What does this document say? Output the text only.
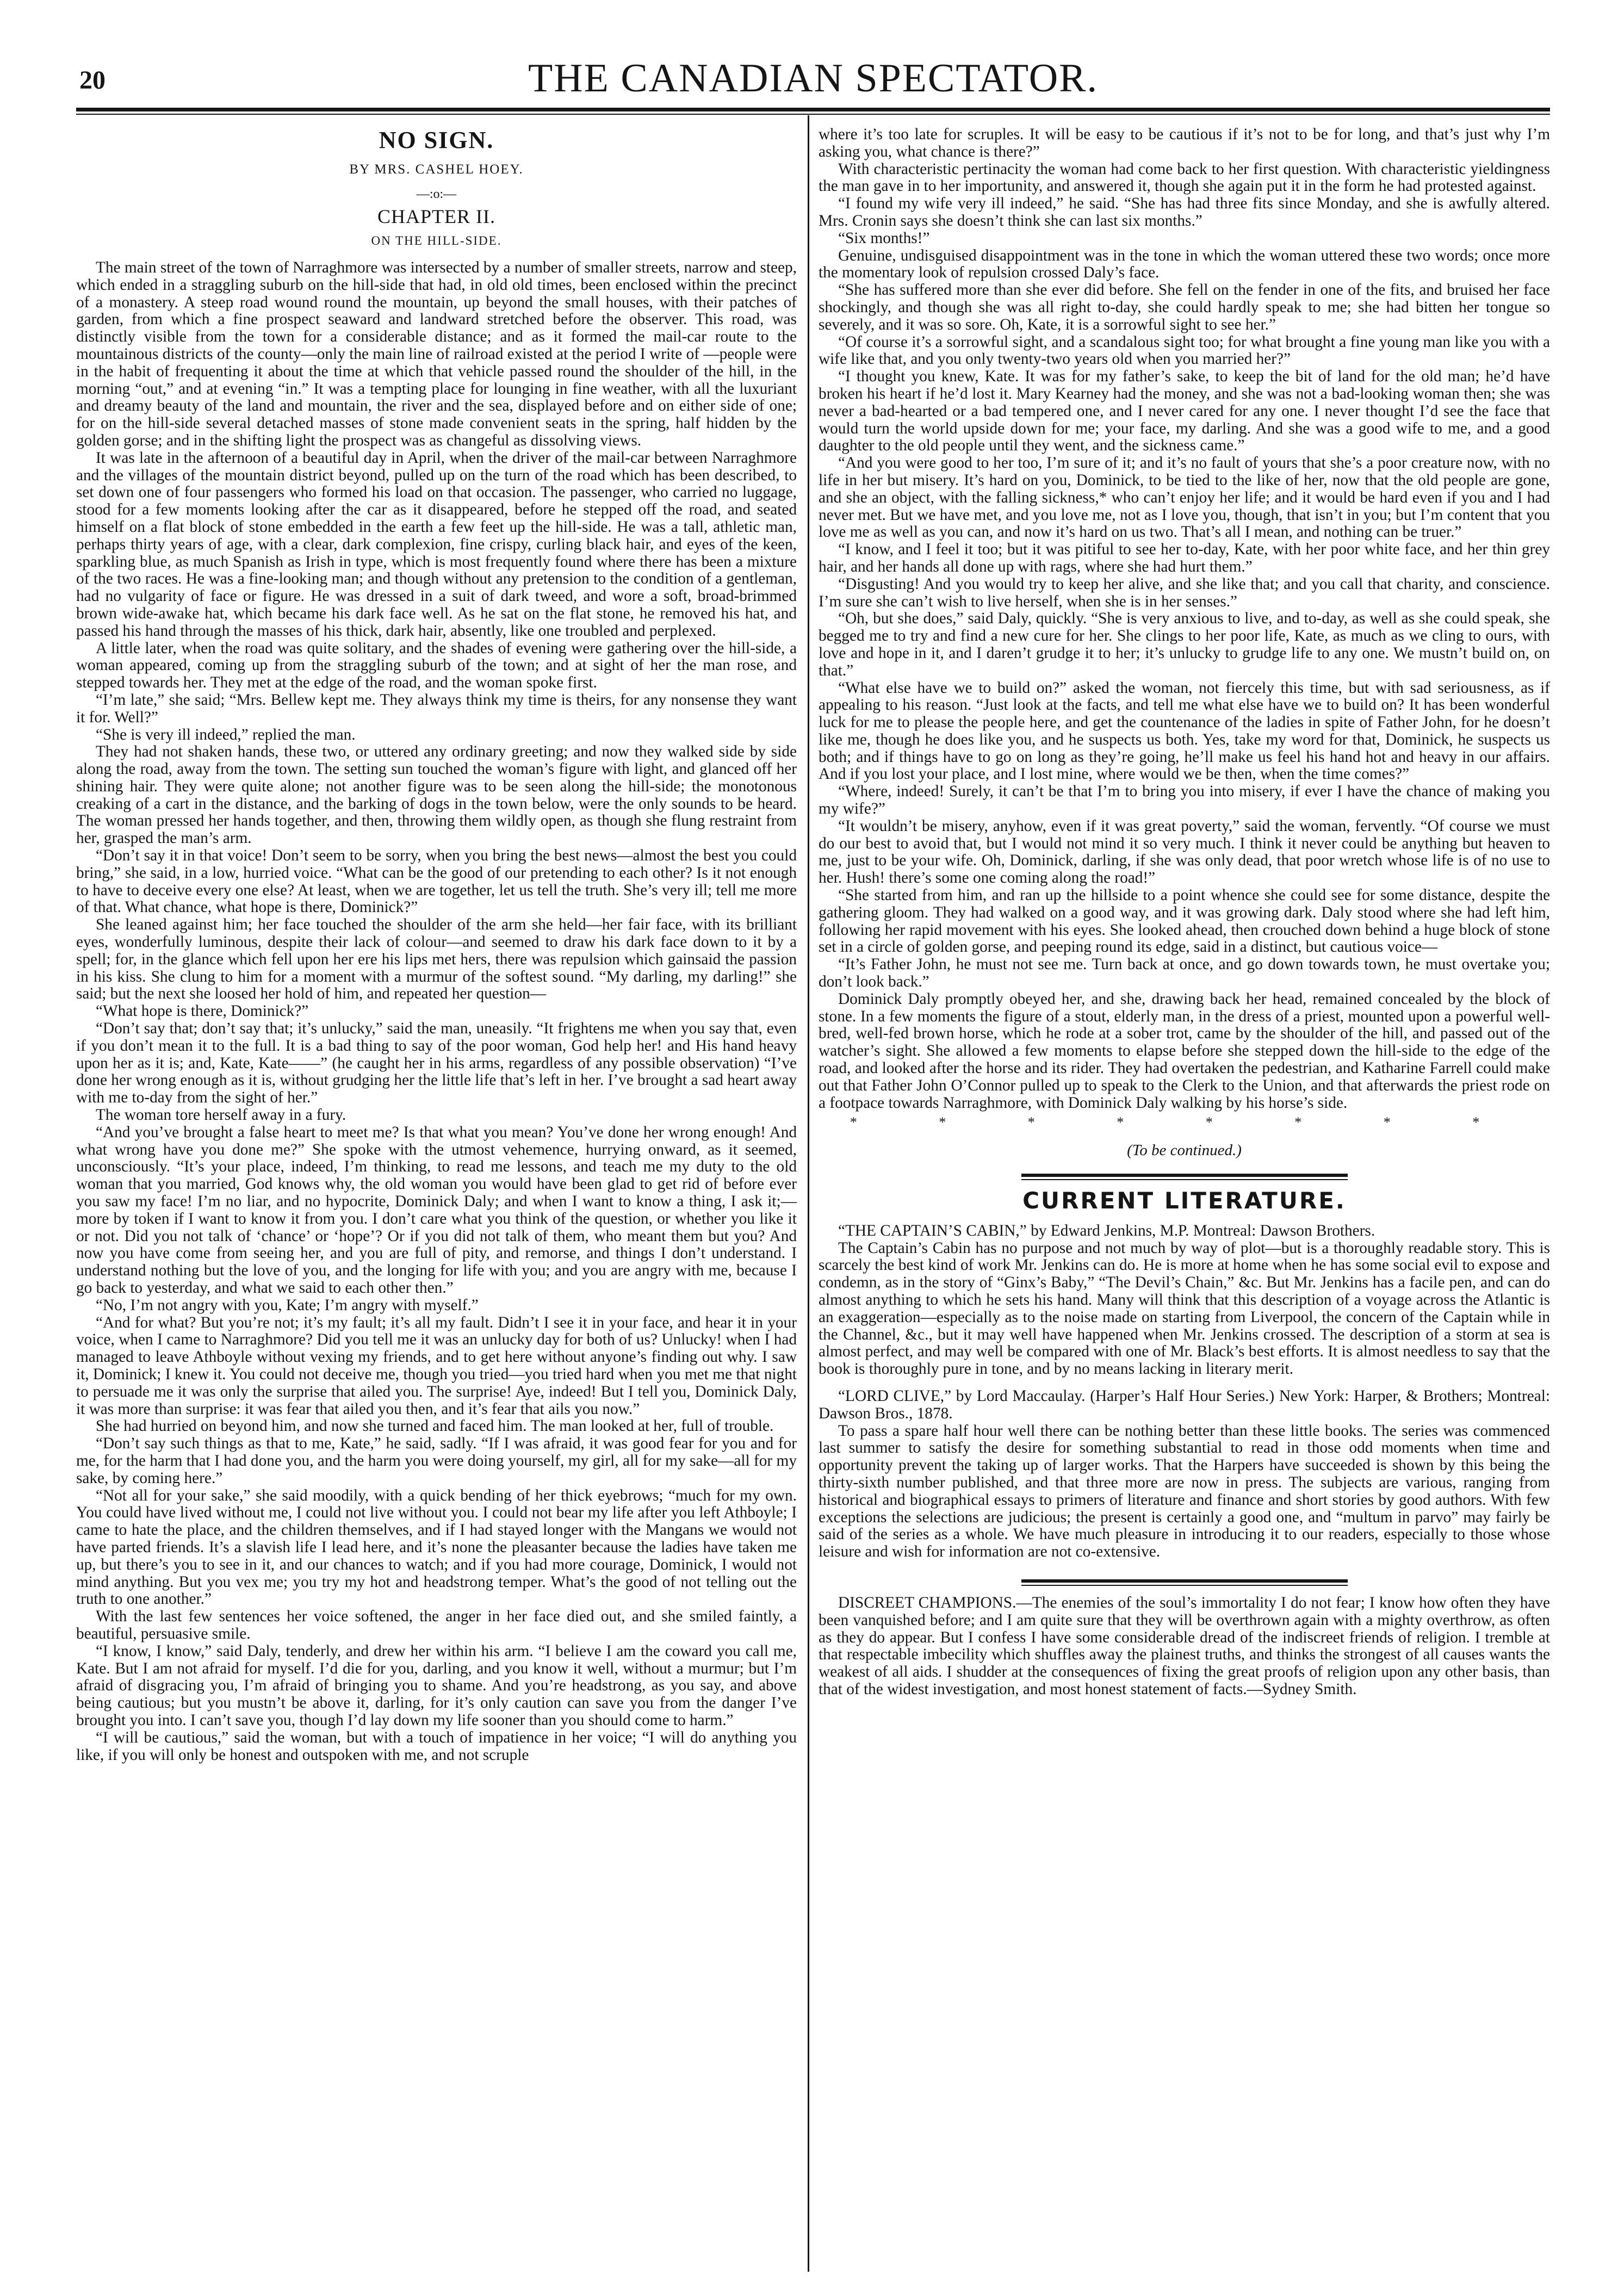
20	THE CANADIAN SPECTATOR.
NO SIGN.
BY MRS. CASHEL HOEY.
—:o:—
CHAPTER II.
ON THE HILL-SIDE.

The main street of the town of Narraghmore was intersected by a number of smaller streets, narrow and steep, which ended in a straggling suburb on the hill-side that had, in old old times, been enclosed within the precinct of a monastery. A steep road wound round the mountain, up beyond the small houses, with their patches of garden, from which a fine prospect seaward and landward stretched before the observer. This road, was distinctly visible from the town for a considerable distance; and as it formed the mail-car route to the mountainous districts of the county—only the main line of railroad existed at the period I write of —people were in the habit of frequenting it about the time at which that vehicle passed round the shoulder of the hill, in the morning “out,” and at evening “in.” It was a tempting place for lounging in fine weather, with all the luxuriant and dreamy beauty of the land and mountain, the river and the sea, displayed before and on either side of one; for on the hill-side several detached masses of stone made convenient seats in the spring, half hidden by the golden gorse; and in the shifting light the prospect was as changeful as dissolving views.

It was late in the afternoon of a beautiful day in April, when the driver of the mail-car between Narraghmore and the villages of the mountain district beyond, pulled up on the turn of the road which has been described, to set down one of four passengers who formed his load on that occasion. The passenger, who carried no luggage, stood for a few moments looking after the car as it disappeared, before he stepped off the road, and seated himself on a flat block of stone embedded in the earth a few feet up the hill-side. He was a tall, athletic man, perhaps thirty years of age, with a clear, dark complexion, fine crispy, curling black hair, and eyes of the keen, sparkling blue, as much Spanish as Irish in type, which is most frequently found where there has been a mixture of the two races. He was a fine-looking man; and though without any pretension to the condition of a gentleman, had no vulgarity of face or figure. He was dressed in a suit of dark tweed, and wore a soft, broad-brimmed brown wide-awake hat, which became his dark face well. As he sat on the flat stone, he removed his hat, and passed his hand through the masses of his thick, dark hair, absently, like one troubled and perplexed.

A little later, when the road was quite solitary, and the shades of evening were gathering over the hill-side, a woman appeared, coming up from the straggling suburb of the town; and at sight of her the man rose, and stepped towards her. They met at the edge of the road, and the woman spoke first.

“I’m late,” she said; “Mrs. Bellew kept me. They always think my time is theirs, for any nonsense they want it for. Well?”

“She is very ill indeed,” replied the man.

They had not shaken hands, these two, or uttered any ordinary greeting; and now they walked side by side along the road, away from the town. The setting sun touched the woman’s figure with light, and glanced off her shining hair. They were quite alone; not another figure was to be seen along the hill-side; the monotonous creaking of a cart in the distance, and the barking of dogs in the town below, were the only sounds to be heard. The woman pressed her hands together, and then, throwing them wildly open, as though she flung restraint from her, grasped the man’s arm.

“Don’t say it in that voice! Don’t seem to be sorry, when you bring the best news—almost the best you could bring,” she said, in a low, hurried voice. “What can be the good of our pretending to each other? Is it not enough to have to deceive every one else? At least, when we are together, let us tell the truth. She’s very ill; tell me more of that. What chance, what hope is there, Dominick?”

She leaned against him; her face touched the shoulder of the arm she held—her fair face, with its brilliant eyes, wonderfully luminous, despite their lack of colour—and seemed to draw his dark face down to it by a spell; for, in the glance which fell upon her ere his lips met hers, there was repulsion which gainsaid the passion in his kiss. She clung to him for a moment with a murmur of the softest sound. “My darling, my darling!” she said; but the next she loosed her hold of him, and repeated her question—

“What hope is there, Dominick?”

“Don’t say that; don’t say that; it’s unlucky,” said the man, uneasily. “It frightens me when you say that, even if you don’t mean it to the full. It is a bad thing to say of the poor woman, God help her! and His hand heavy upon her as it is; and, Kate, Kate——” (he caught her in his arms, regardless of any possible observation) “I’ve done her wrong enough as it is, without grudging her the little life that’s left in her. I’ve brought a sad heart away with me to-day from the sight of her.”

The woman tore herself away in a fury.

“And you’ve brought a false heart to meet me? Is that what you mean? You’ve done her wrong enough! And what wrong have you done me?” She spoke with the utmost vehemence, hurrying onward, as it seemed, unconsciously. “It’s your place, indeed, I’m thinking, to read me lessons, and teach me my duty to the old woman that you married, God knows why, the old woman you would have been glad to get rid of before ever you saw my face! I’m no liar, and no hypocrite, Dominick Daly; and when I want to know a thing, I ask it;—more by token if I want to know it from you. I don’t care what you think of the question, or whether you like it or not. Did you not talk of ‘chance’ or ‘hope’? Or if you did not talk of them, who meant them but you? And now you have come from seeing her, and you are full of pity, and remorse, and things I don’t understand. I understand nothing but the love of you, and the longing for life with you; and you are angry with me, because I go back to yesterday, and what we said to each other then.”

“No, I’m not angry with you, Kate; I’m angry with myself.”

“And for what? But you’re not; it’s my fault; it’s all my fault. Didn’t I see it in your face, and hear it in your voice, when I came to Narraghmore? Did you tell me it was an unlucky day for both of us? Unlucky! when I had managed to leave Athboyle without vexing my friends, and to get here without anyone’s finding out why. I saw it, Dominick; I knew it. You could not deceive me, though you tried—you tried hard when you met me that night to persuade me it was only the surprise that ailed you. The surprise! Aye, indeed! But I tell you, Dominick Daly, it was more than surprise: it was fear that ailed you then, and it’s fear that ails you now.”

She had hurried on beyond him, and now she turned and faced him. The man looked at her, full of trouble.

“Don’t say such things as that to me, Kate,” he said, sadly. “If I was afraid, it was good fear for you and for me, for the harm that I had done you, and the harm you were doing yourself, my girl, all for my sake—all for my sake, by coming here.”

“Not all for your sake,” she said moodily, with a quick bending of her thick eyebrows; “much for my own. You could have lived without me, I could not live without you. I could not bear my life after you left Athboyle; I came to hate the place, and the children themselves, and if I had stayed longer with the Mangans we would not have parted friends. It’s a slavish life I lead here, and it’s none the pleasanter because the ladies have taken me up, but there’s you to see in it, and our chances to watch; and if you had more courage, Dominick, I would not mind anything. But you vex me; you try my hot and headstrong temper. What’s the good of not telling out the truth to one another.”

With the last few sentences her voice softened, the anger in her face died out, and she smiled faintly, a beautiful, persuasive smile.

“I know, I know,” said Daly, tenderly, and drew her within his arm. “I believe I am the coward you call me, Kate. But I am not afraid for myself. I’d die for you, darling, and you know it well, without a murmur; but I’m afraid of disgracing you, I’m afraid of bringing you to shame. And you’re headstrong, as you say, and above being cautious; but you mustn’t be above it, darling, for it’s only caution can save you from the danger I’ve brought you into. I can’t save you, though I’d lay down my life sooner than you should come to harm.”

“I will be cautious,” said the woman, but with a touch of impatience in her voice; “I will do anything you like, if you will only be honest and outspoken with me, and not scruple

where it’s too late for scruples. It will be easy to be cautious if it’s not to be for long, and that’s just why I’m asking you, what chance is there?”

With characteristic pertinacity the woman had come back to her first question. With characteristic yieldingness the man gave in to her importunity, and answered it, though she again put it in the form he had protested against.

“I found my wife very ill indeed,” he said. “She has had three fits since Monday, and she is awfully altered. Mrs. Cronin says she doesn’t think she can last six months.”

“Six months!”

Genuine, undisguised disappointment was in the tone in which the woman uttered these two words; once more the momentary look of repulsion crossed Daly’s face.

“She has suffered more than she ever did before. She fell on the fender in one of the fits, and bruised her face shockingly, and though she was all right to-day, she could hardly speak to me; she had bitten her tongue so severely, and it was so sore. Oh, Kate, it is a sorrowful sight to see her.”

“Of course it’s a sorrowful sight, and a scandalous sight too; for what brought a fine young man like you with a wife like that, and you only twenty-two years old when you married her?”

“I thought you knew, Kate. It was for my father’s sake, to keep the bit of land for the old man; he’d have broken his heart if he’d lost it. Mary Kearney had the money, and she was not a bad-looking woman then; she was never a bad-hearted or a bad tempered one, and I never cared for any one. I never thought I’d see the face that would turn the world upside down for me; your face, my darling. And she was a good wife to me, and a good daughter to the old people until they went, and the sickness came.”

“And you were good to her too, I’m sure of it; and it’s no fault of yours that she’s a poor creature now, with no life in her but misery. It’s hard on you, Dominick, to be tied to the like of her, now that the old people are gone, and she an object, with the falling sickness,* who can’t enjoy her life; and it would be hard even if you and I had never met. But we have met, and you love me, not as I love you, though, that isn’t in you; but I’m content that you love me as well as you can, and now it’s hard on us two. That’s all I mean, and nothing can be truer.”

“I know, and I feel it too; but it was pitiful to see her to-day, Kate, with her poor white face, and her thin grey hair, and her hands all done up with rags, where she had hurt them.”

“Disgusting! And you would try to keep her alive, and she like that; and you call that charity, and conscience. I’m sure she can’t wish to live herself, when she is in her senses.”

“Oh, but she does,” said Daly, quickly. “She is very anxious to live, and to-day, as well as she could speak, she begged me to try and find a new cure for her. She clings to her poor life, Kate, as much as we cling to ours, with love and hope in it, and I daren’t grudge it to her; it’s unlucky to grudge life to any one. We mustn’t build on, on that.”

“What else have we to build on?” asked the woman, not fiercely this time, but with sad seriousness, as if appealing to his reason. “Just look at the facts, and tell me what else have we to build on? It has been wonderful luck for me to please the people here, and get the countenance of the ladies in spite of Father John, for he doesn’t like me, though he does like you, and he suspects us both. Yes, take my word for that, Dominick, he suspects us both; and if things have to go on long as they’re going, he’ll make us feel his hand hot and heavy in our affairs. And if you lost your place, and I lost mine, where would we be then, when the time comes?”

“Where, indeed! Surely, it can’t be that I’m to bring you into misery, if ever I have the chance of making you my wife?”

“It wouldn’t be misery, anyhow, even if it was great poverty,” said the woman, fervently. “Of course we must do our best to avoid that, but I would not mind it so very much. I think it never could be anything but heaven to me, just to be your wife. Oh, Dominick, darling, if she was only dead, that poor wretch whose life is of no use to her. Hush! there’s some one coming along the road!”

“She started from him, and ran up the hillside to a point whence she could see for some distance, despite the gathering gloom. They had walked on a good way, and it was growing dark. Daly stood where she had left him, following her rapid movement with his eyes. She looked ahead, then crouched down behind a huge block of stone set in a circle of golden gorse, and peeping round its edge, said in a distinct, but cautious voice—

“It’s Father John, he must not see me. Turn back at once, and go down towards town, he must overtake you; don’t look back.”

Dominick Daly promptly obeyed her, and she, drawing back her head, remained concealed by the block of stone. In a few moments the figure of a stout, elderly man, in the dress of a priest, mounted upon a powerful well-bred, well-fed brown horse, which he rode at a sober trot, came by the shoulder of the hill, and passed out of the watcher’s sight. She allowed a few moments to elapse before she stepped down the hill-side to the edge of the road, and looked after the horse and its rider. They had overtaken the pedestrian, and Katharine Farrell could make out that Father John O’Connor pulled up to speak to the Clerk to the Union, and that afterwards the priest rode on a footpace towards Narraghmore, with Dominick Daly walking by his horse’s side.

* * * * * * * *
(To be continued.)
CURRENT LITERATURE.

“THE CAPTAIN’S CABIN,” by Edward Jenkins, M.P. Montreal: Dawson Brothers.

The Captain’s Cabin has no purpose and not much by way of plot—but is a thoroughly readable story. This is scarcely the best kind of work Mr. Jenkins can do. He is more at home when he has some social evil to expose and condemn, as in the story of “Ginx’s Baby,” “The Devil’s Chain,” &c. But Mr. Jenkins has a facile pen, and can do almost anything to which he sets his hand. Many will think that this description of a voyage across the Atlantic is an exaggeration—especially as to the noise made on starting from Liverpool, the concern of the Captain while in the Channel, &c., but it may well have happened when Mr. Jenkins crossed. The description of a storm at sea is almost perfect, and may well be compared with one of Mr. Black’s best efforts. It is almost needless to say that the book is thoroughly pure in tone, and by no means lacking in literary merit.

“LORD CLIVE,” by Lord Maccaulay. (Harper’s Half Hour Series.) New York: Harper, & Brothers; Montreal: Dawson Bros., 1878.

To pass a spare half hour well there can be nothing better than these little books. The series was commenced last summer to satisfy the desire for something substantial to read in those odd moments when time and opportunity prevent the taking up of larger works. That the Harpers have succeeded is shown by this being the thirty-sixth number published, and that three more are now in press. The subjects are various, ranging from historical and biographical essays to primers of literature and finance and short stories by good authors. With few exceptions the selections are judicious; the present is certainly a good one, and “multum in parvo” may fairly be said of the series as a whole. We have much pleasure in introducing it to our readers, especially to those whose leisure and wish for information are not co-extensive.

DISCREET CHAMPIONS.—The enemies of the soul’s immortality I do not fear; I know how often they have been vanquished before; and I am quite sure that they will be overthrown again with a mighty overthrow, as often as they do appear. But I confess I have some considerable dread of the indiscreet friends of religion. I tremble at that respectable imbecility which shuffles away the plainest truths, and thinks the strongest of all causes wants the weakest of all aids. I shudder at the consequences of fixing the great proofs of religion upon any other basis, than that of the widest investigation, and most honest statement of facts.—Sydney Smith.
